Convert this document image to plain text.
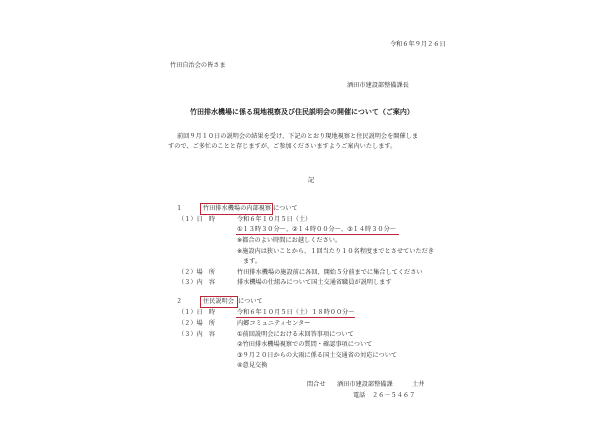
令和６年９月２６日
竹田自治会の皆さま
酒田市建設部整備課長
竹田排水機場に係る現地視察及び住民説明会の開催について（ご案内）
前回９月１０日の説明会の結果を受け、下記のとおり現地視察と住民説明会を開催しま
すので、ご多忙のことと存じますが、ご参加くださいますようご案内いたします。
記
１	竹田排水機場の内部視察 について
（１）日　時	令和６年１０月５日（土）
①１３時３０分～、②１４時００分～、③１４時３０分～
※都合のよい時間にお越しください。
※施設内は狭いことから、１回当たり１０名程度までとさせていただき
ます。
（２）場　所	竹田排水機場の施設前に各回、開始５分前までに集合してください
（３）内　容	排水機場の仕組みについて国土交通省職員が説明します
２	住民説明会 について
（１）日　時	令和６年１０月５日（土）１８時００分～
（２）場　所	内郷コミュニティセンター
（３）内　容	①前回説明会における未回答事項について
②竹田排水機場視察での質問・確認事項について
③９月２０日からの大雨に係る国土交通省の対応について
④意見交換
問合せ 酒田市建設部整備課	土井
電話 ２６－５４６７
